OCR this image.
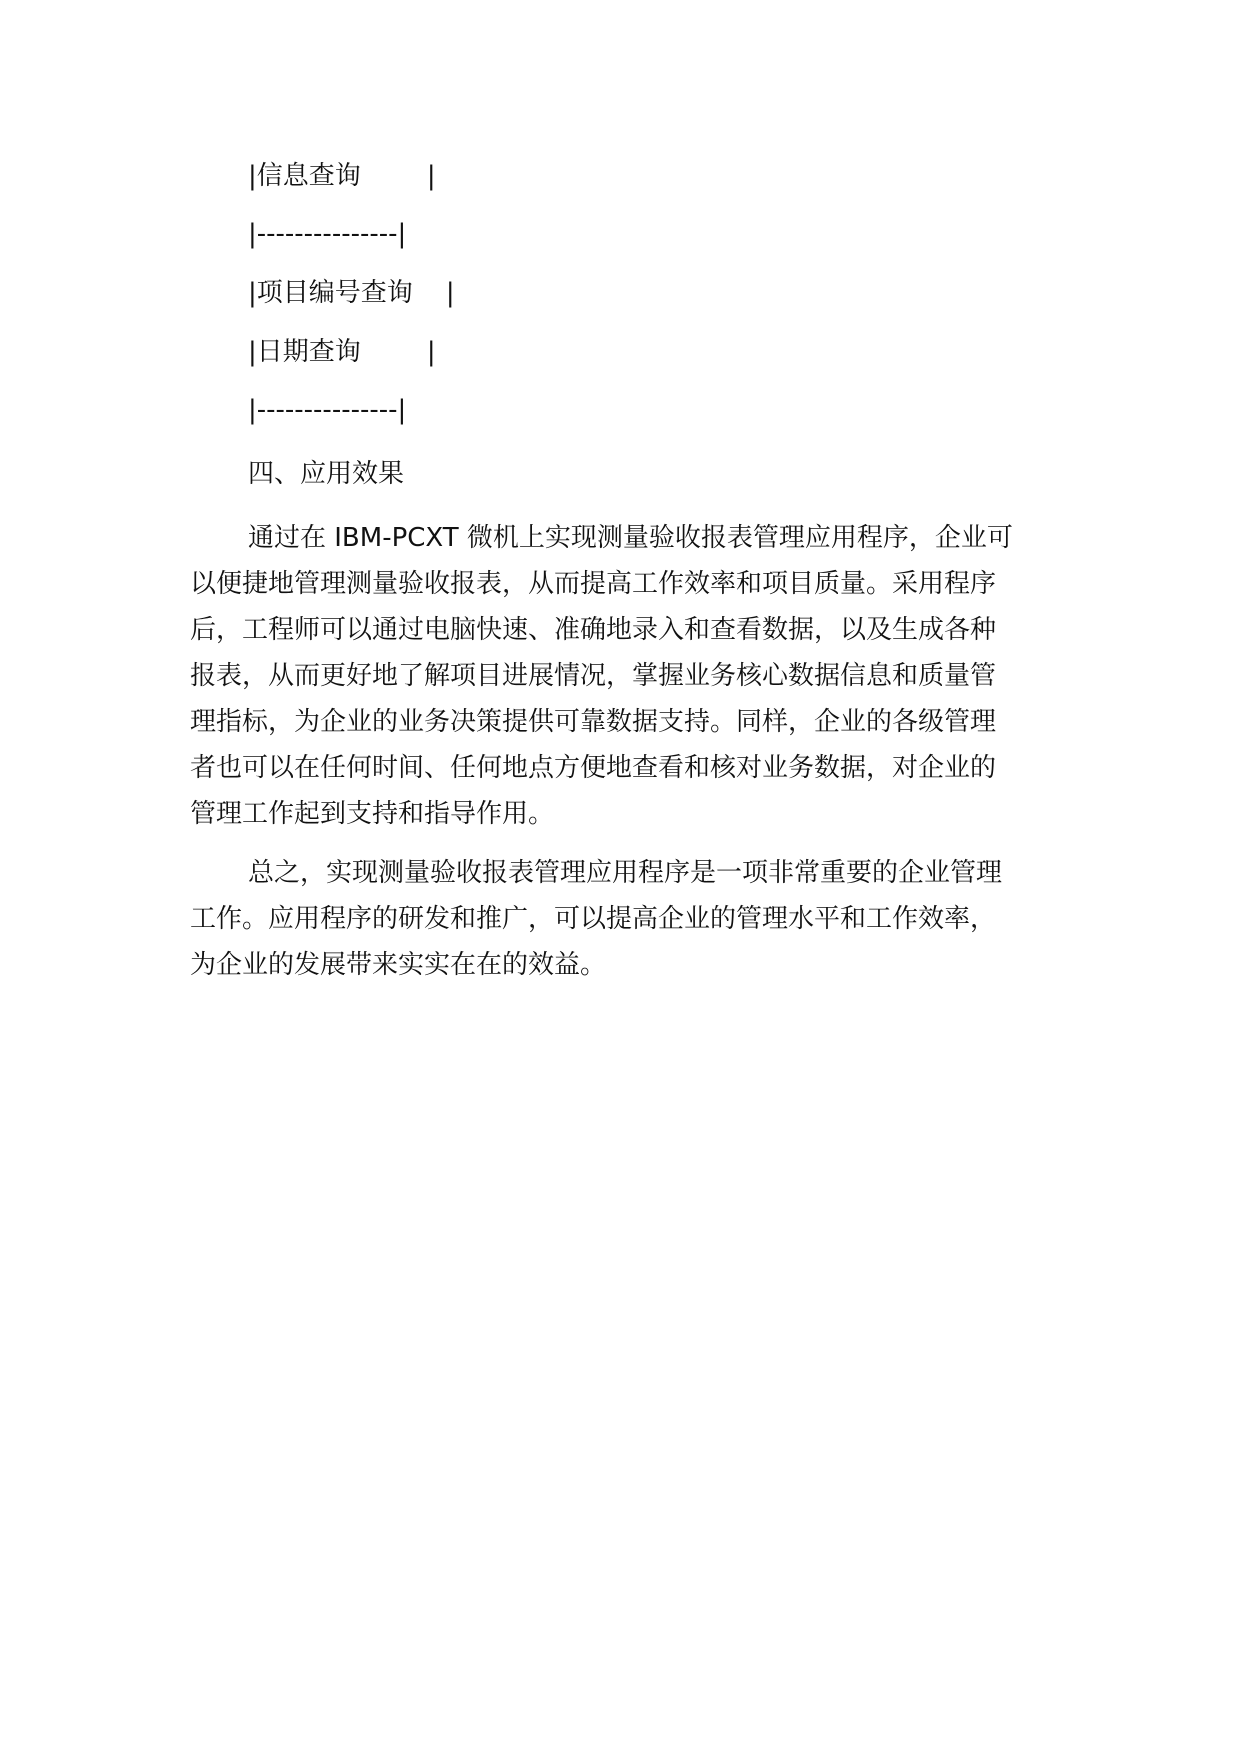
|信息查询        |
|---------------|
|项目编号查询    |
|日期查询        |
|---------------|
四、应用效果
通过在 IBM-PCXT 微机上实现测量验收报表管理应用程序，企业可
以便捷地管理测量验收报表，从而提高工作效率和项目质量。采用程序
后，工程师可以通过电脑快速、准确地录入和查看数据，以及生成各种
报表，从而更好地了解项目进展情况，掌握业务核心数据信息和质量管
理指标，为企业的业务决策提供可靠数据支持。同样，企业的各级管理
者也可以在任何时间、任何地点方便地查看和核对业务数据，对企业的
管理工作起到支持和指导作用。
总之，实现测量验收报表管理应用程序是一项非常重要的企业管理
工作。应用程序的研发和推广，可以提高企业的管理水平和工作效率，
为企业的发展带来实实在在的效益。
